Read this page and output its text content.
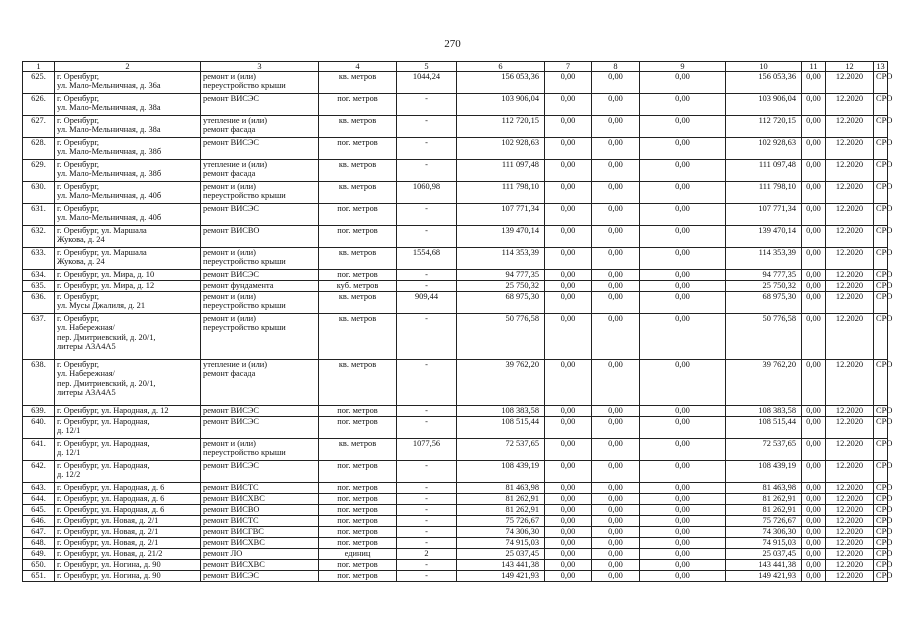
270
1	2	3	4	5	6	7	8	9	10	11	12	13
625.	г. Оренбург,
ул. Мало-Мельничная, д. 36а	ремонт и (или)
переустройство крыши	кв. метров	1044,24	156 053,36	0,00	0,00	0,00	156 053,36	0,00	12.2020	СРО
626.	г. Оренбург,
ул. Мало-Мельничная, д. 38а	ремонт ВИСЭС	пог. метров	-	103 906,04	0,00	0,00	0,00	103 906,04	0,00	12.2020	СРО
627.	г. Оренбург,
ул. Мало-Мельничная, д. 38а	утепление и (или)
ремонт фасада	кв. метров	-	112 720,15	0,00	0,00	0,00	112 720,15	0,00	12.2020	СРО
628.	г. Оренбург,
ул. Мало-Мельничная, д. 38б	ремонт ВИСЭС	пог. метров	-	102 928,63	0,00	0,00	0,00	102 928,63	0,00	12.2020	СРО
629.	г. Оренбург,
ул. Мало-Мельничная, д. 38б	утепление и (или)
ремонт фасада	кв. метров	-	111 097,48	0,00	0,00	0,00	111 097,48	0,00	12.2020	СРО
630.	г. Оренбург,
ул. Мало-Мельничная, д. 40б	ремонт и (или)
переустройство крыши	кв. метров	1060,98	111 798,10	0,00	0,00	0,00	111 798,10	0,00	12.2020	СРО
631.	г. Оренбург,
ул. Мало-Мельничная, д. 40б	ремонт ВИСЭС	пог. метров	-	107 771,34	0,00	0,00	0,00	107 771,34	0,00	12.2020	СРО
632.	г. Оренбург, ул. Маршала
Жукова, д. 24	ремонт ВИСВО	пог. метров	-	139 470,14	0,00	0,00	0,00	139 470,14	0,00	12.2020	СРО
633.	г. Оренбург, ул. Маршала
Жукова, д. 24	ремонт и (или)
переустройство крыши	кв. метров	1554,68	114 353,39	0,00	0,00	0,00	114 353,39	0,00	12.2020	СРО
634.	г. Оренбург, ул. Мира, д. 10	ремонт ВИСЭС	пог. метров	-	94 777,35	0,00	0,00	0,00	94 777,35	0,00	12.2020	СРО
635.	г. Оренбург, ул. Мира, д. 12	ремонт фундамента	куб. метров	-	25 750,32	0,00	0,00	0,00	25 750,32	0,00	12.2020	СРО
636.	г. Оренбург,
ул. Мусы Джалиля, д. 21	ремонт и (или)
переустройство крыши	кв. метров	909,44	68 975,30	0,00	0,00	0,00	68 975,30	0,00	12.2020	СРО
637.	г. Оренбург,
ул. Набережная/
пер. Дмитриевский, д. 20/1,
литеры А3А4А5	ремонт и (или)
переустройство крыши	кв. метров	-	50 776,58	0,00	0,00	0,00	50 776,58	0,00	12.2020	СРО
638.	г. Оренбург,
ул. Набережная/
пер. Дмитриевский, д. 20/1,
литеры А3А4А5	утепление и (или)
ремонт фасада	кв. метров	-	39 762,20	0,00	0,00	0,00	39 762,20	0,00	12.2020	СРО
639.	г. Оренбург, ул. Народная, д. 12	ремонт ВИСЭС	пог. метров	-	108 383,58	0,00	0,00	0,00	108 383,58	0,00	12.2020	СРО
640.	г. Оренбург, ул. Народная,
д. 12/1	ремонт ВИСЭС	пог. метров	-	108 515,44	0,00	0,00	0,00	108 515,44	0,00	12.2020	СРО
641.	г. Оренбург, ул. Народная,
д. 12/1	ремонт и (или)
переустройство крыши	кв. метров	1077,56	72 537,65	0,00	0,00	0,00	72 537,65	0,00	12.2020	СРО
642.	г. Оренбург, ул. Народная,
д. 12/2	ремонт ВИСЭС	пог. метров	-	108 439,19	0,00	0,00	0,00	108 439,19	0,00	12.2020	СРО
643.	г. Оренбург, ул. Народная, д. 6	ремонт ВИСТС	пог. метров	-	81 463,98	0,00	0,00	0,00	81 463,98	0,00	12.2020	СРО
644.	г. Оренбург, ул. Народная, д. 6	ремонт ВИСХВС	пог. метров	-	81 262,91	0,00	0,00	0,00	81 262,91	0,00	12.2020	СРО
645.	г. Оренбург, ул. Народная, д. 6	ремонт ВИСВО	пог. метров	-	81 262,91	0,00	0,00	0,00	81 262,91	0,00	12.2020	СРО
646.	г. Оренбург, ул. Новая, д. 2/1	ремонт ВИСТС	пог. метров	-	75 726,67	0,00	0,00	0,00	75 726,67	0,00	12.2020	СРО
647.	г. Оренбург, ул. Новая, д. 2/1	ремонт ВИСГВС	пог. метров	-	74 306,30	0,00	0,00	0,00	74 306,30	0,00	12.2020	СРО
648.	г. Оренбург, ул. Новая, д. 2/1	ремонт ВИСХВС	пог. метров	-	74 915,03	0,00	0,00	0,00	74 915,03	0,00	12.2020	СРО
649.	г. Оренбург, ул. Новая, д. 21/2	ремонт ЛО	единиц	2	25 037,45	0,00	0,00	0,00	25 037,45	0,00	12.2020	СРО
650.	г. Оренбург, ул. Ногина, д. 90	ремонт ВИСХВС	пог. метров	-	143 441,38	0,00	0,00	0,00	143 441,38	0,00	12.2020	СРО
651.	г. Оренбург, ул. Ногина, д. 90	ремонт ВИСЭС	пог. метров	-	149 421,93	0,00	0,00	0,00	149 421,93	0,00	12.2020	СРО
